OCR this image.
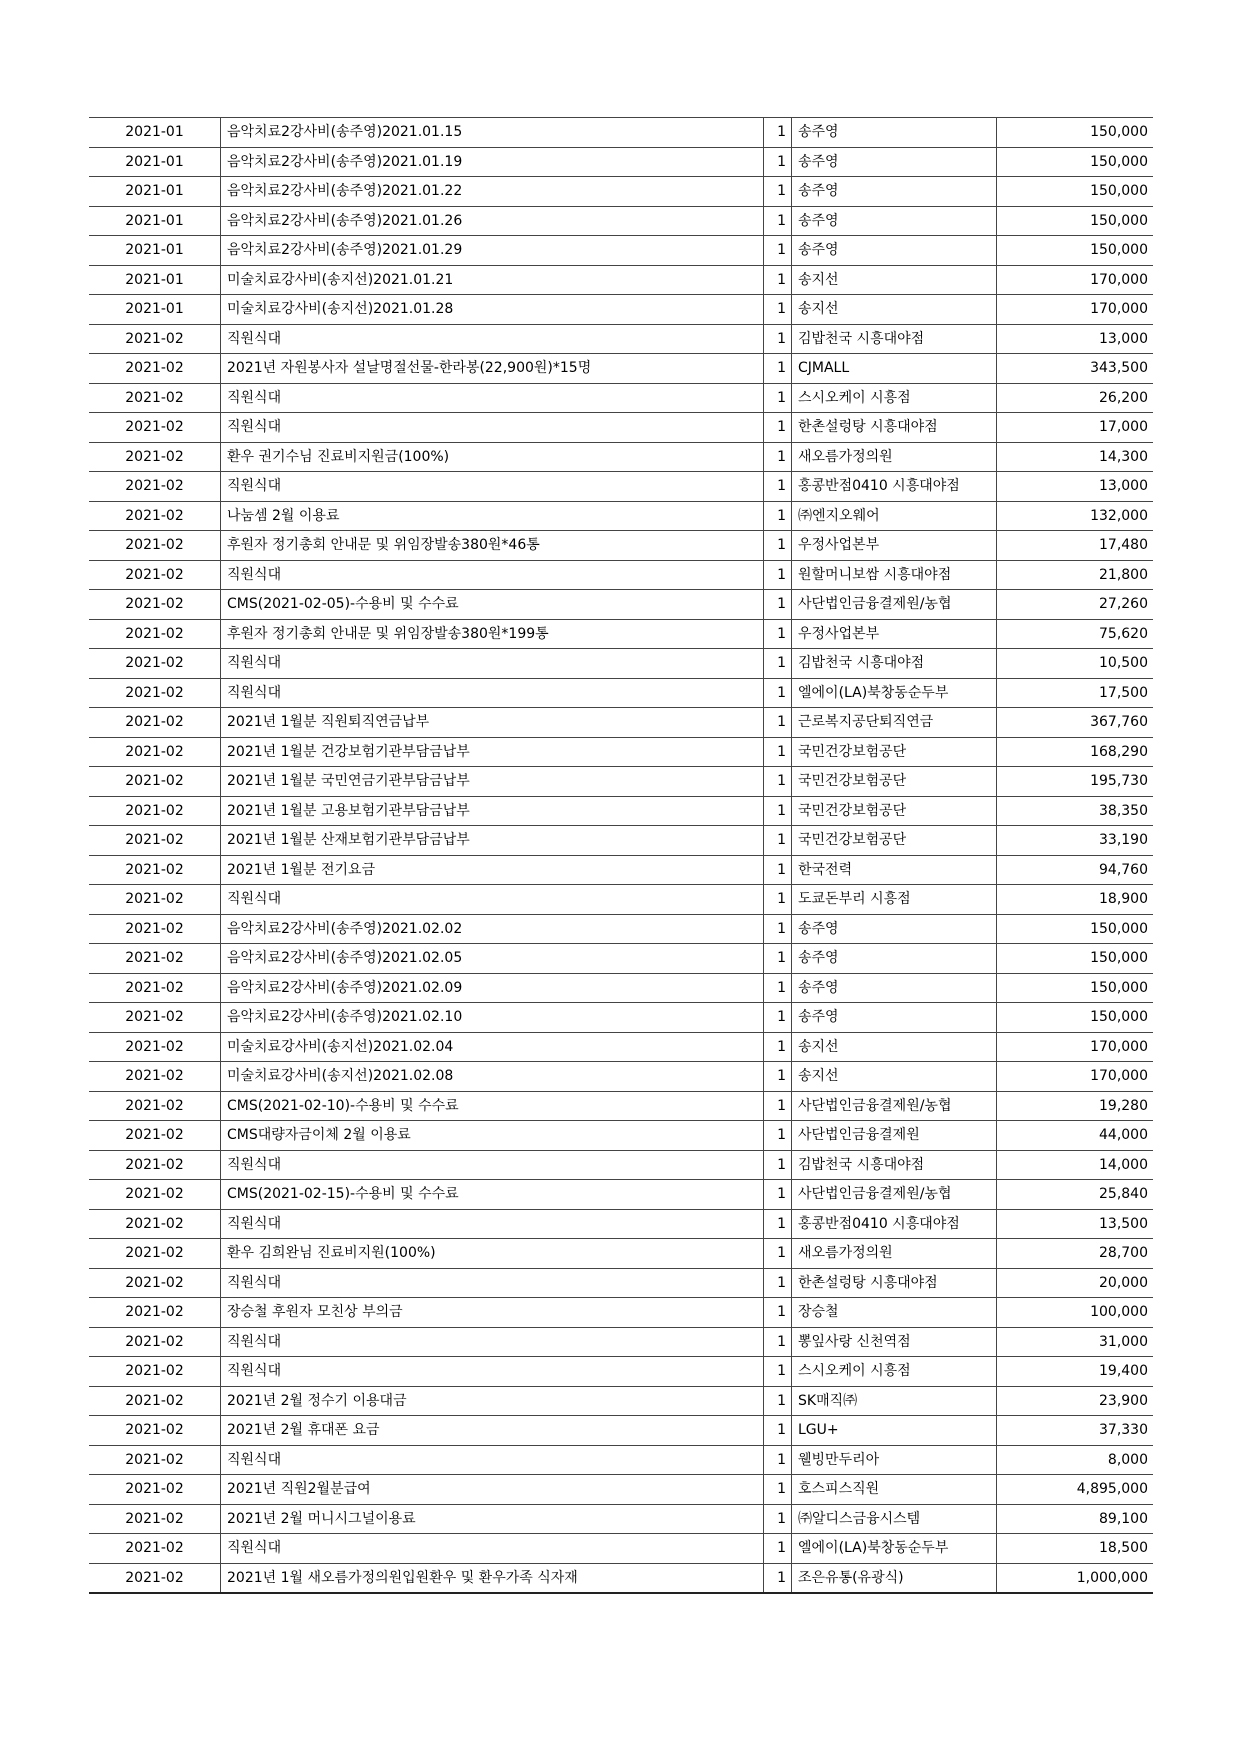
2021-01	음악치료2강사비(송주영)2021.01.15	1	송주영	150,000
2021-01	음악치료2강사비(송주영)2021.01.19	1	송주영	150,000
2021-01	음악치료2강사비(송주영)2021.01.22	1	송주영	150,000
2021-01	음악치료2강사비(송주영)2021.01.26	1	송주영	150,000
2021-01	음악치료2강사비(송주영)2021.01.29	1	송주영	150,000
2021-01	미술치료강사비(송지선)2021.01.21	1	송지선	170,000
2021-01	미술치료강사비(송지선)2021.01.28	1	송지선	170,000
2021-02	직원식대	1	김밥천국 시흥대야점	13,000
2021-02	2021년 자원봉사자 설날명절선물-한라봉(22,900원)*15명	1	CJMALL	343,500
2021-02	직원식대	1	스시오케이 시흥점	26,200
2021-02	직원식대	1	한촌설렁탕 시흥대야점	17,000
2021-02	환우 권기수님 진료비지원금(100%)	1	새오름가정의원	14,300
2021-02	직원식대	1	홍콩반점0410 시흥대야점	13,000
2021-02	나눔셈 2월 이용료	1	㈜엔지오웨어	132,000
2021-02	후원자 정기총회 안내문 및 위임장발송380원*46통	1	우정사업본부	17,480
2021-02	직원식대	1	원할머니보쌈 시흥대야점	21,800
2021-02	CMS(2021-02-05)-수용비 및 수수료	1	사단법인금융결제원/농협	27,260
2021-02	후원자 정기총회 안내문 및 위임장발송380원*199통	1	우정사업본부	75,620
2021-02	직원식대	1	김밥천국 시흥대야점	10,500
2021-02	직원식대	1	엘에이(LA)북창동순두부	17,500
2021-02	2021년 1월분 직원퇴직연금납부	1	근로복지공단퇴직연금	367,760
2021-02	2021년 1월분 건강보험기관부담금납부	1	국민건강보험공단	168,290
2021-02	2021년 1월분 국민연금기관부담금납부	1	국민건강보험공단	195,730
2021-02	2021년 1월분 고용보험기관부담금납부	1	국민건강보험공단	38,350
2021-02	2021년 1월분 산재보험기관부담금납부	1	국민건강보험공단	33,190
2021-02	2021년 1월분 전기요금	1	한국전력	94,760
2021-02	직원식대	1	도쿄돈부리 시흥점	18,900
2021-02	음악치료2강사비(송주영)2021.02.02	1	송주영	150,000
2021-02	음악치료2강사비(송주영)2021.02.05	1	송주영	150,000
2021-02	음악치료2강사비(송주영)2021.02.09	1	송주영	150,000
2021-02	음악치료2강사비(송주영)2021.02.10	1	송주영	150,000
2021-02	미술치료강사비(송지선)2021.02.04	1	송지선	170,000
2021-02	미술치료강사비(송지선)2021.02.08	1	송지선	170,000
2021-02	CMS(2021-02-10)-수용비 및 수수료	1	사단법인금융결제원/농협	19,280
2021-02	CMS대량자금이체 2월 이용료	1	사단법인금융결제원	44,000
2021-02	직원식대	1	김밥천국 시흥대야점	14,000
2021-02	CMS(2021-02-15)-수용비 및 수수료	1	사단법인금융결제원/농협	25,840
2021-02	직원식대	1	홍콩반점0410 시흥대야점	13,500
2021-02	환우 김희완님 진료비지원(100%)	1	새오름가정의원	28,700
2021-02	직원식대	1	한촌설렁탕 시흥대야점	20,000
2021-02	장승철 후원자 모친상 부의금	1	장승철	100,000
2021-02	직원식대	1	뽕잎사랑 신천역점	31,000
2021-02	직원식대	1	스시오케이 시흥점	19,400
2021-02	2021년 2월 정수기 이용대금	1	SK매직㈜	23,900
2021-02	2021년 2월 휴대폰 요금	1	LGU+	37,330
2021-02	직원식대	1	웰빙만두리아	8,000
2021-02	2021년 직원2월분급여	1	호스피스직원	4,895,000
2021-02	2021년 2월 머니시그널이용료	1	㈜알디스금융시스템	89,100
2021-02	직원식대	1	엘에이(LA)북창동순두부	18,500
2021-02	2021년 1월 새오름가정의원입원환우 및 환우가족 식자재	1	조은유통(유광식)	1,000,000
